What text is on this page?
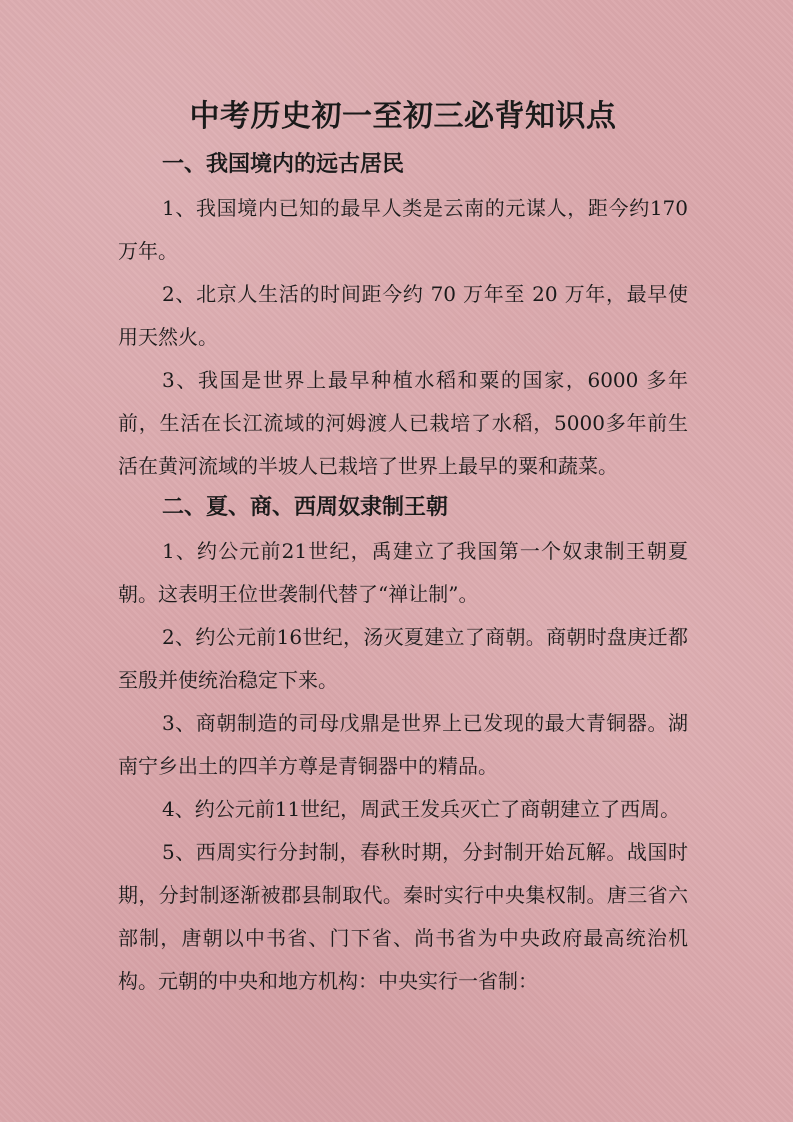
中考历史初一至初三必背知识点
一、我国境内的远古居民

1、我国境内已知的最早人类是云南的元谋人，距今约170万年。

2、北京人生活的时间距今约 70 万年至 20 万年，最早使用天然火。

3、我国是世界上最早种植水稻和粟的国家，6000 多年前，生活在长江流域的河姆渡人已栽培了水稻，5000多年前生活在黄河流域的半坡人已栽培了世界上最早的粟和蔬菜。

二、夏、商、西周奴隶制王朝

1、约公元前21世纪，禹建立了我国第一个奴隶制王朝夏朝。这表明王位世袭制代替了“禅让制”。

2、约公元前16世纪，汤灭夏建立了商朝。商朝时盘庚迁都至殷并使统治稳定下来。

3、商朝制造的司母戊鼎是世界上已发现的最大青铜器。湖南宁乡出土的四羊方尊是青铜器中的精品。

4、约公元前11世纪，周武王发兵灭亡了商朝建立了西周。

5、西周实行分封制，春秋时期，分封制开始瓦解。战国时期，分封制逐渐被郡县制取代。秦时实行中央集权制。唐三省六部制，唐朝以中书省、门下省、尚书省为中央政府最高统治机构。元朝的中央和地方机构：中央实行一省制：
